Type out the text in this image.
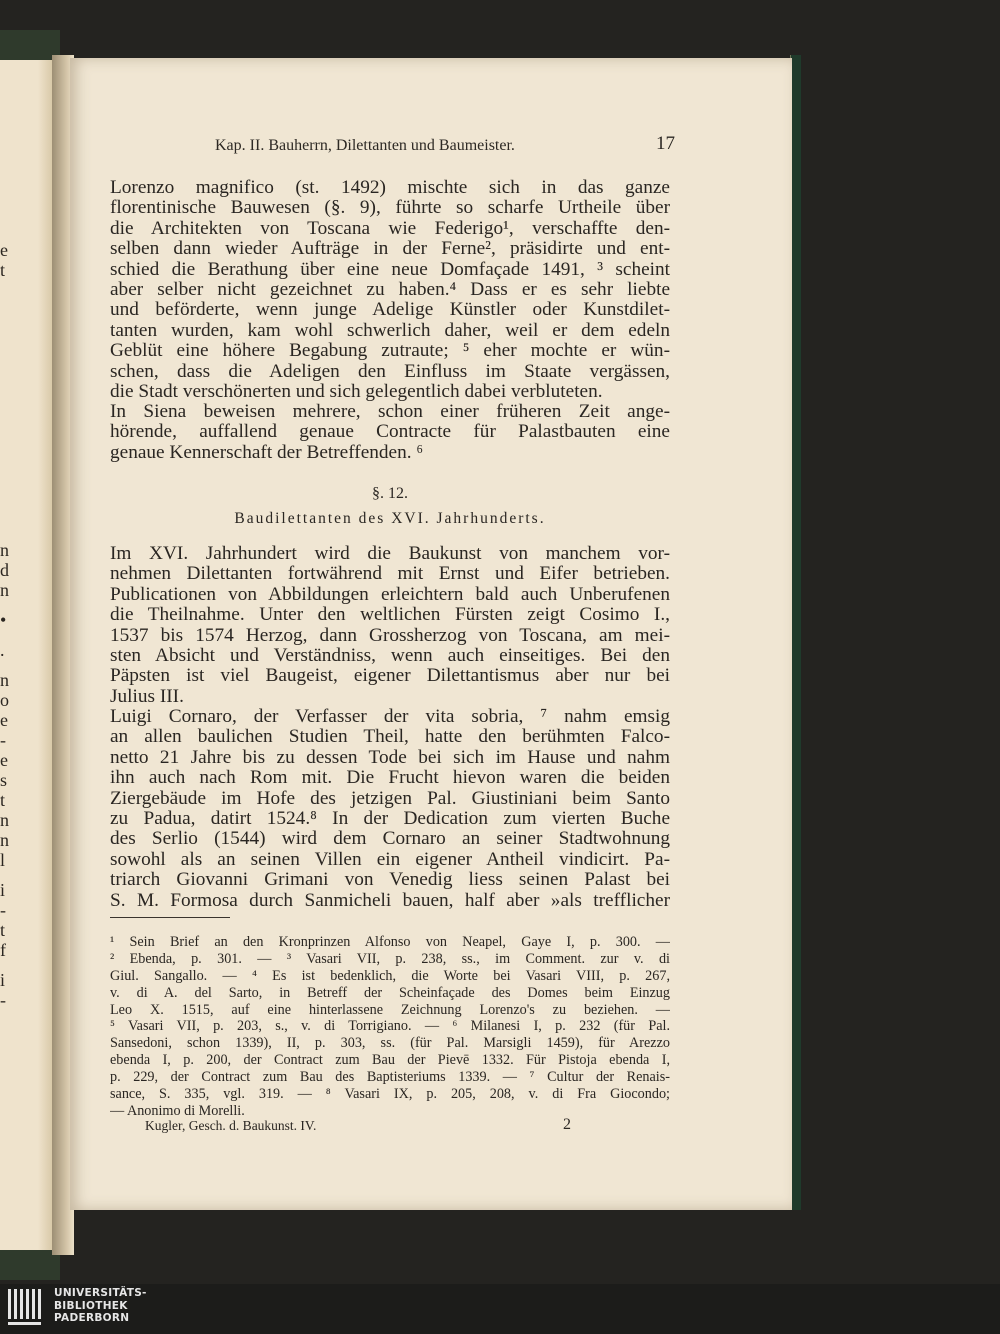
e
t
n
d
n
•
.
n
o
e
-
e
s
t
n
n
l
i
-
t
f
i
-
Kap. II. Bauherrn, Dilettanten und Baumeister.	17
Lorenzo magnifico (st. 1492) mischte sich in das ganze
florentinische Bauwesen (§. 9), führte so scharfe Urtheile über
die Architekten von Toscana wie Federigo¹, verschaffte den-
selben dann wieder Aufträge in der Ferne², präsidirte und ent-
schied die Berathung über eine neue Domfaçade 1491, ³ scheint
aber selber nicht gezeichnet zu haben.⁴ Dass er es sehr liebte
und beförderte, wenn junge Adelige Künstler oder Kunstdilet-
tanten wurden, kam wohl schwerlich daher, weil er dem edeln
Geblüt eine höhere Begabung zutraute; ⁵ eher mochte er wün-
schen, dass die Adeligen den Einfluss im Staate vergässen,
die Stadt verschönerten und sich gelegentlich dabei verbluteten.
In Siena beweisen mehrere, schon einer früheren Zeit ange-
hörende, auffallend genaue Contracte für Palastbauten eine
genaue Kennerschaft der Betreffenden. ⁶
§. 12.
Baudilettanten des XVI. Jahrhunderts.
Im XVI. Jahrhundert wird die Baukunst von manchem vor-
nehmen Dilettanten fortwährend mit Ernst und Eifer betrieben.
Publicationen von Abbildungen erleichtern bald auch Unberufenen
die Theilnahme. Unter den weltlichen Fürsten zeigt Cosimo I.,
1537 bis 1574 Herzog, dann Grossherzog von Toscana, am mei-
sten Absicht und Verständniss, wenn auch einseitiges. Bei den
Päpsten ist viel Baugeist, eigener Dilettantismus aber nur bei
Julius III.
Luigi Cornaro, der Verfasser der vita sobria, ⁷ nahm emsig
an allen baulichen Studien Theil, hatte den berühmten Falco-
netto 21 Jahre bis zu dessen Tode bei sich im Hause und nahm
ihn auch nach Rom mit. Die Frucht hievon waren die beiden
Ziergebäude im Hofe des jetzigen Pal. Giustiniani beim Santo
zu Padua, datirt 1524.⁸ In der Dedication zum vierten Buche
des Serlio (1544) wird dem Cornaro an seiner Stadtwohnung
sowohl als an seinen Villen ein eigener Antheil vindicirt. Pa-
triarch Giovanni Grimani von Venedig liess seinen Palast bei
S. M. Formosa durch Sanmicheli bauen, half aber »als trefflicher
¹ Sein Brief an den Kronprinzen Alfonso von Neapel, Gaye I, p. 300. —
² Ebenda, p. 301. — ³ Vasari VII, p. 238, ss., im Comment. zur v. di
Giul. Sangallo. — ⁴ Es ist bedenklich, die Worte bei Vasari VIII, p. 267,
v. di A. del Sarto, in Betreff der Scheinfaçade des Domes beim Einzug
Leo X. 1515, auf eine hinterlassene Zeichnung Lorenzo's zu beziehen. —
⁵ Vasari VII, p. 203, s., v. di Torrigiano. — ⁶ Milanesi I, p. 232 (für Pal.
Sansedoni, schon 1339), II, p. 303, ss. (für Pal. Marsigli 1459), für Arezzo
ebenda I, p. 200, der Contract zum Bau der Pievē 1332. Für Pistoja ebenda I,
p. 229, der Contract zum Bau des Baptisteriums 1339. — ⁷ Cultur der Renais-
sance, S. 335, vgl. 319. — ⁸ Vasari IX, p. 205, 208, v. di Fra Giocondo;
— Anonimo di Morelli.
Kugler, Gesch. d. Baukunst. IV.	2
UNIVERSITÄTS-
BIBLIOTHEK
PADERBORN
